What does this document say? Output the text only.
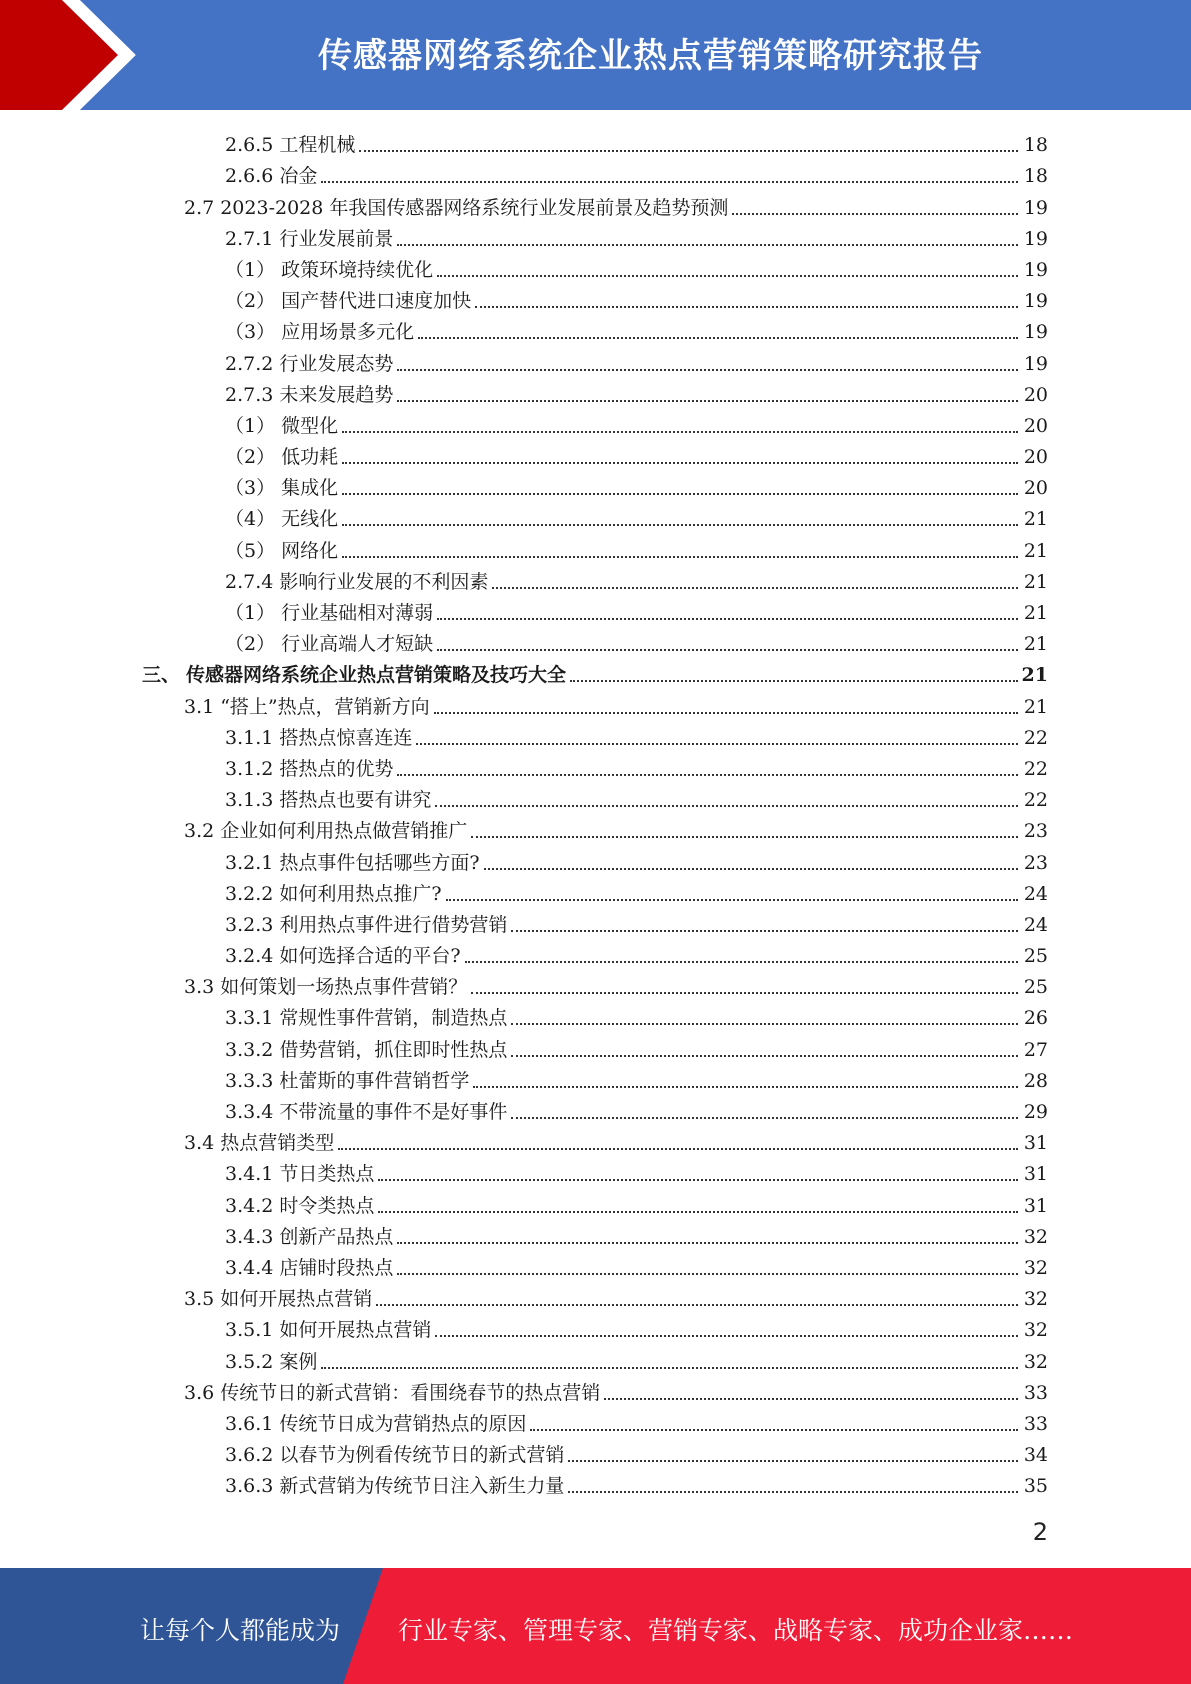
传感器网络系统企业热点营销策略研究报告
2.6.5 工程机械	18
2.6.6 冶金	18
2.7 2023-2028 年我国传感器网络系统行业发展前景及趋势预测	19
2.7.1 行业发展前景	19
（1） 政策环境持续优化	19
（2） 国产替代进口速度加快	19
（3） 应用场景多元化	19
2.7.2 行业发展态势	19
2.7.3 未来发展趋势	20
（1） 微型化	20
（2） 低功耗	20
（3） 集成化	20
（4） 无线化	21
（5） 网络化	21
2.7.4 影响行业发展的不利因素	21
（1） 行业基础相对薄弱	21
（2） 行业高端人才短缺	21
三、 传感器网络系统企业热点营销策略及技巧大全	21
3.1 “搭上”热点，营销新方向	21
3.1.1 搭热点惊喜连连	22
3.1.2 搭热点的优势	22
3.1.3 搭热点也要有讲究	22
3.2 企业如何利用热点做营销推广	23
3.2.1 热点事件包括哪些方面?	23
3.2.2 如何利用热点推广?	24
3.2.3 利用热点事件进行借势营销	24
3.2.4 如何选择合适的平台?	25
3.3 如何策划一场热点事件营销？	25
3.3.1 常规性事件营销，制造热点	26
3.3.2 借势营销，抓住即时性热点	27
3.3.3 杜蕾斯的事件营销哲学	28
3.3.4 不带流量的事件不是好事件	29
3.4 热点营销类型	31
3.4.1 节日类热点	31
3.4.2 时令类热点	31
3.4.3 创新产品热点	32
3.4.4 店铺时段热点	32
3.5 如何开展热点营销	32
3.5.1 如何开展热点营销	32
3.5.2 案例	32
3.6 传统节日的新式营销：看围绕春节的热点营销	33
3.6.1 传统节日成为营销热点的原因	33
3.6.2 以春节为例看传统节日的新式营销	34
3.6.3 新式营销为传统节日注入新生力量	35
2
让每个人都能成为 行业专家、管理专家、营销专家、战略专家、成功企业家……
